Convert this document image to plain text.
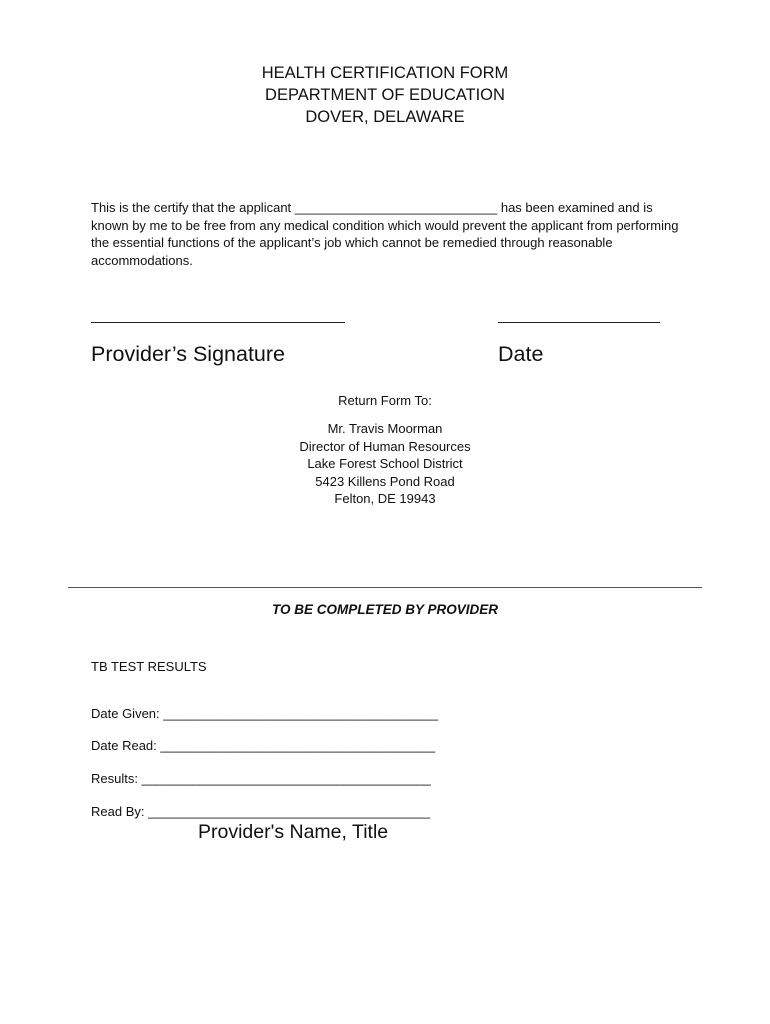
HEALTH CERTIFICATION FORM
DEPARTMENT OF EDUCATION
DOVER, DELAWARE
This is the certify that the applicant ____________________________ has been examined and is known by me to be free from any medical condition which would prevent the applicant from performing the essential functions of the applicant’s job which cannot be remedied through reasonable accommodations.
Provider’s Signature	Date
Return Form To:
Mr. Travis Moorman
Director of Human Resources
Lake Forest School District
5423 Killens Pond Road
Felton, DE 19943
TO BE COMPLETED BY PROVIDER
TB TEST RESULTS
Date Given: ______________________________________
Date Read: ______________________________________
Results: ________________________________________
Read By: _______________________________________
Provider's Name, Title
